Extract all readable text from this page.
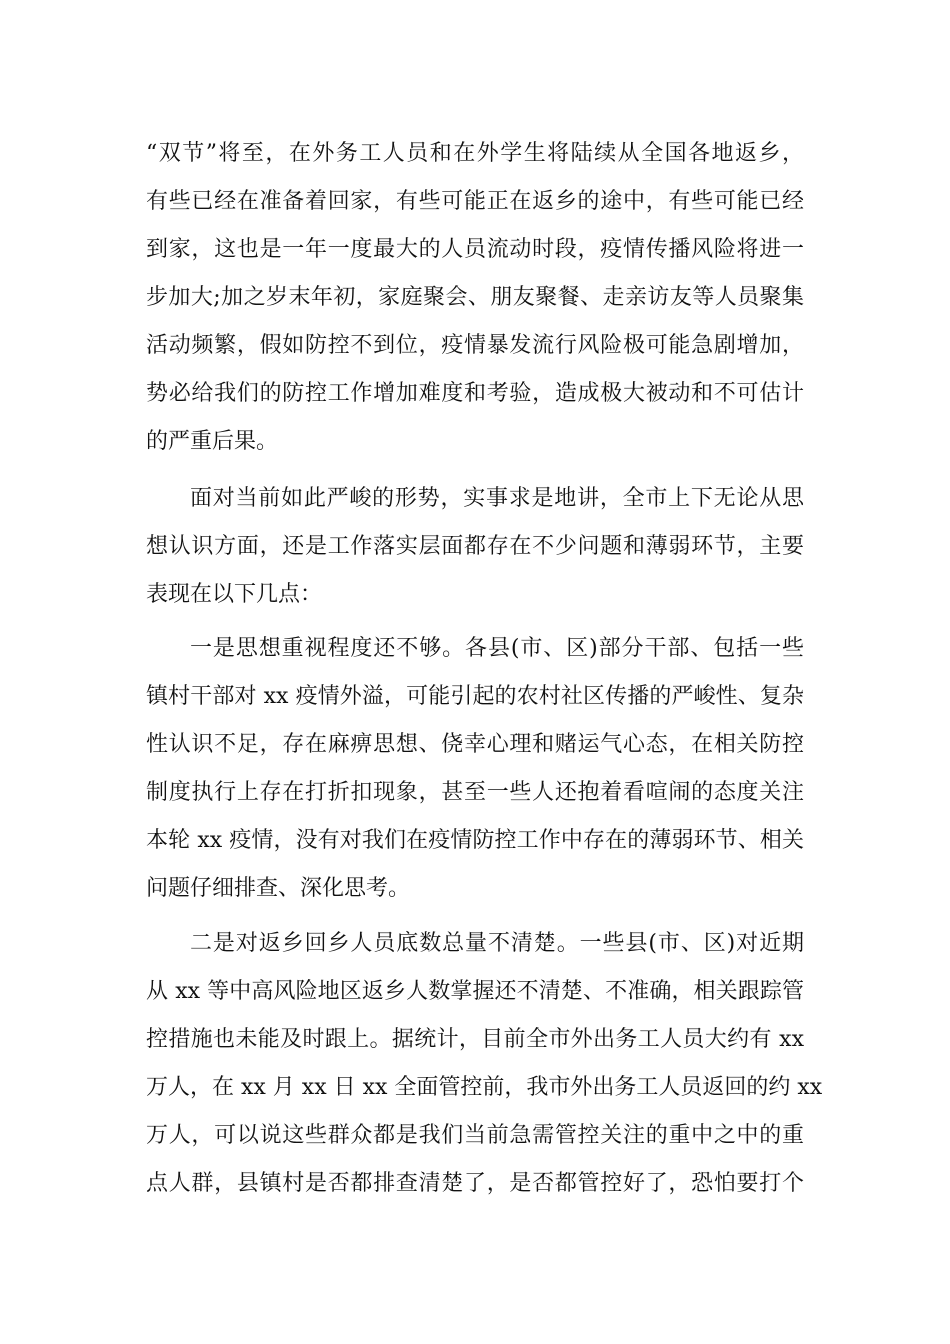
“双节”将至，在外务工人员和在外学生将陆续从全国各地返乡，
有些已经在准备着回家，有些可能正在返乡的途中，有些可能已经
到家，这也是一年一度最大的人员流动时段，疫情传播风险将进一
步加大;加之岁末年初，家庭聚会、朋友聚餐、走亲访友等人员聚集
活动频繁，假如防控不到位，疫情暴发流行风险极可能急剧增加，
势必给我们的防控工作增加难度和考验，造成极大被动和不可估计
的严重后果。
面对当前如此严峻的形势，实事求是地讲，全市上下无论从思
想认识方面，还是工作落实层面都存在不少问题和薄弱环节，主要
表现在以下几点：
一是思想重视程度还不够。各县(市、区)部分干部、包括一些
镇村干部对 xx 疫情外溢，可能引起的农村社区传播的严峻性、复杂
性认识不足，存在麻痹思想、侥幸心理和赌运气心态，在相关防控
制度执行上存在打折扣现象，甚至一些人还抱着看喧闹的态度关注
本轮 xx 疫情，没有对我们在疫情防控工作中存在的薄弱环节、相关
问题仔细排查、深化思考。
二是对返乡回乡人员底数总量不清楚。一些县(市、区)对近期
从 xx 等中高风险地区返乡人数掌握还不清楚、不准确，相关跟踪管
控措施也未能及时跟上。据统计，目前全市外出务工人员大约有 xx
万人，在 xx 月 xx 日 xx 全面管控前，我市外出务工人员返回的约 xx
万人，可以说这些群众都是我们当前急需管控关注的重中之中的重
点人群，县镇村是否都排查清楚了，是否都管控好了，恐怕要打个
